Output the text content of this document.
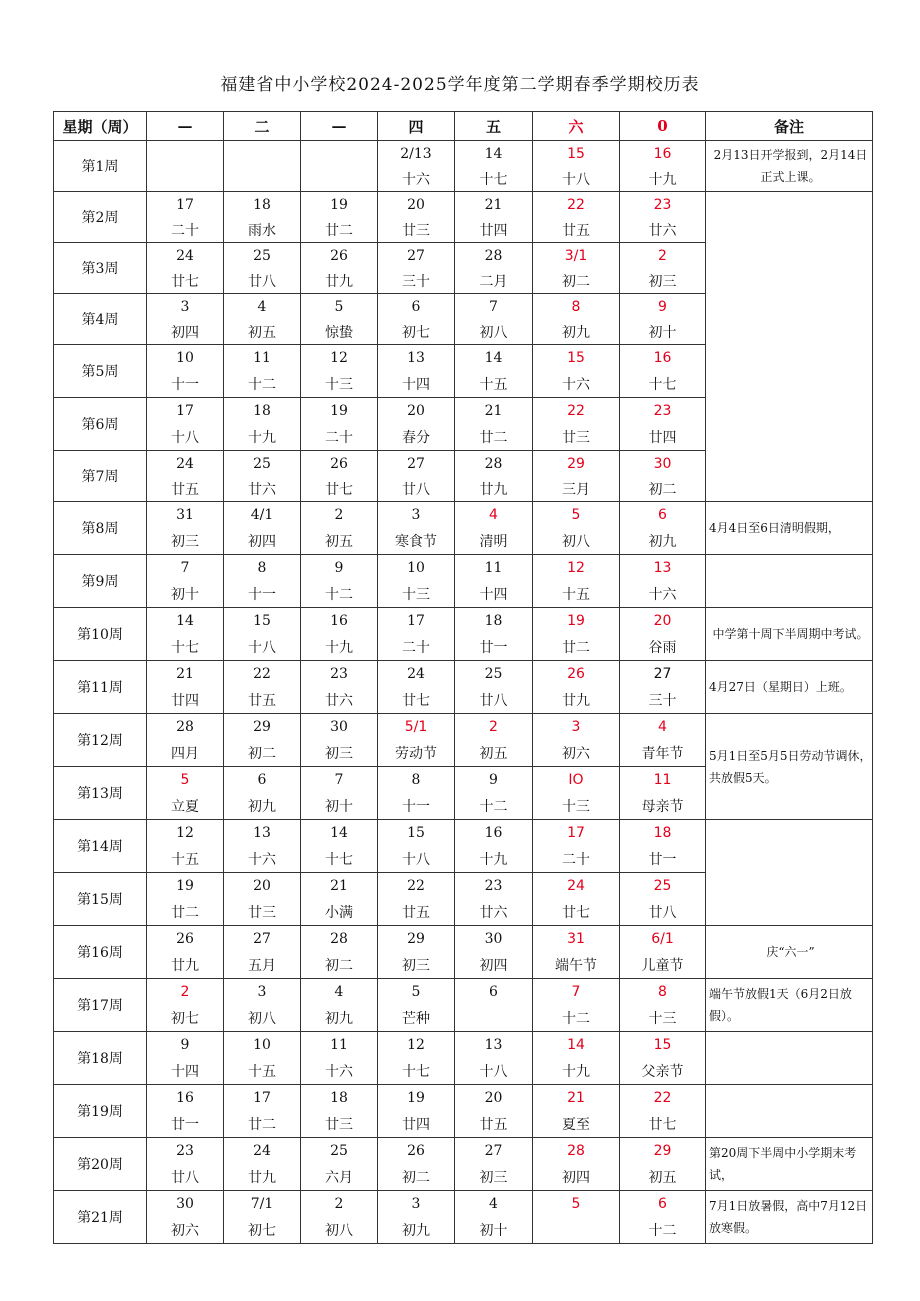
福建省中小学校2024-2025学年度第二学期春季学期校历表
星期（周）	—	二	—	四	五	六	0	备注
第1周				2/13	14	15	16	2月13日开学报到，2月14日正式上课。
				十六	十七	十八	十九	
第2周	17	18	19	20	21	22	23	
	二十	雨水	廿二	廿三	廿四	廿五	廿六	
第3周	24	25	26	27	28	3/1	2	
	廿七	廿八	廿九	三十	二月	初二	初三	
第4周	3	4	5	6	7	8	9	
	初四	初五	惊蛰	初七	初八	初九	初十	
第5周	10	11	12	13	14	15	16	
	十一	十二	十三	十四	十五	十六	十七	
第6周	17	18	19	20	21	22	23	
	十八	十九	二十	春分	廿二	廿三	廿四	
第7周	24	25	26	27	28	29	30	
	廿五	廿六	廿七	廿八	廿九	三月	初二	
第8周	31	4/1	2	3	4	5	6	4月4日至6日清明假期，
	初三	初四	初五	寒食节	清明	初八	初九	
第9周	7	8	9	10	11	12	13	
	初十	十一	十二	十三	十四	十五	十六	
第10周	14	15	16	17	18	19	20	中学第十周下半周期中考试。
	十七	十八	十九	二十	廿一	廿二	谷雨	
第11周	21	22	23	24	25	26	27	4月27日（星期日）上班。
	廿四	廿五	廿六	廿七	廿八	廿九	三十	
第12周	28	29	30	5/1	2	3	4	5月1日至5月5日劳动节调休，共放假5天。
	四月	初二	初三	劳动节	初五	初六	青年节	
第13周	5	6	7	8	9	IO	11	
	立夏	初九	初十	十一	十二	十三	母亲节	
第14周	12	13	14	15	16	17	18	
	十五	十六	十七	十八	十九	二十	廿一	
第15周	19	20	21	22	23	24	25	
	廿二	廿三	小满	廿五	廿六	廿七	廿八	
第16周	26	27	28	29	30	31	6/1	庆“六一”
	廿九	五月	初二	初三	初四	端午节	儿童节	
第17周	2	3	4	5	6	7	8	端午节放假1天（6月2日放假）。
	初七	初八	初九	芒种		十二	十三	
第18周	9	10	11	12	13	14	15	
	十四	十五	十六	十七	十八	十九	父亲节	
第19周	16	17	18	19	20	21	22	
	廿一	廿二	廿三	廿四	廿五	夏至	廿七	
第20周	23	24	25	26	27	28	29	第20周下半周中小学期末考试，
	廿八	廿九	六月	初二	初三	初四	初五	
第21周	30	7/1	2	3	4	5	6	7月1日放暑假，高中7月12日放寒假。
	初六	初七	初八	初九	初十		十二	
